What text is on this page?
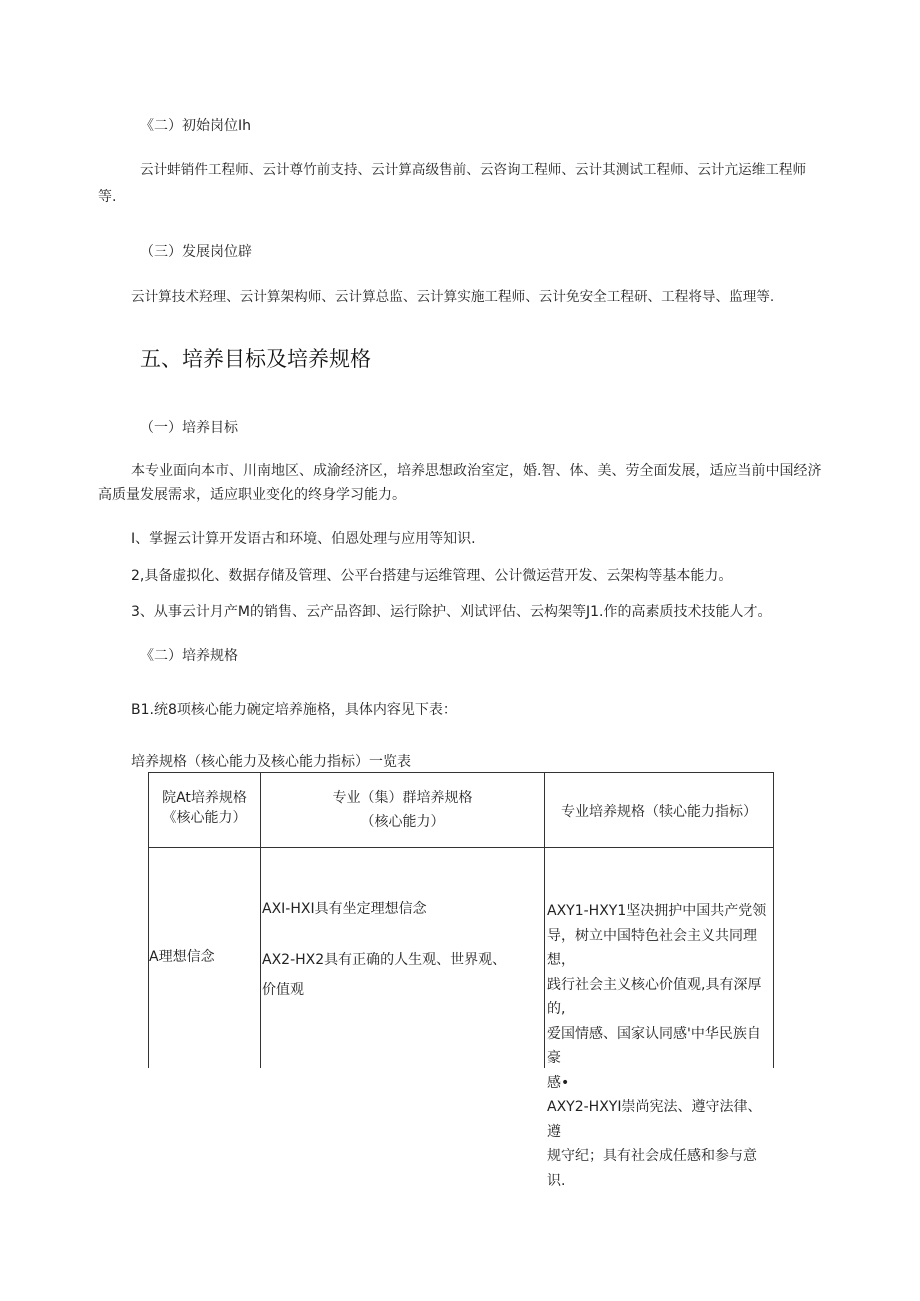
《二）初始岗位Ih
云计蚌销件工程师、云计尊竹前支持、云计算高级售前、云咨询工程师、云计其测试工程师、云计亢运维工程师
等.
（三）发展岗位辟
云计算技术羟理、云计算架构师、云计算总监、云计算实施工程师、云计免安全工程研、工程将导、监理等.
五、培养目标及培养规格
（一）培养目标
本专业面向本市、川南地区、成渝经济区，培养思想政治室定，婚.智、体、美、劳全面发展，适应当前中国经济
高质量发展需求，适应职业变化的终身学习能力。
I、掌握云计算开发语古和环境、伯恩处理与应用等知识.
2,具备虚拟化、数据存储及管理、公平台搭建与运维管理、公计微运营开发、云架构等基本能力。
3、从事云计月产M的销售、云产品咨卸、运行除护、刈试评估、云构架等J1.作的高素质技术技能人才。
《二）培养规格
B1.统8项核心能力碗定培养施格，具体内容见下表：
培养规格（核心能力及核心能力指标）一览表
院At培养规格
《核心能力）
专业（集）群培养规格
（核心能力）
专业培养规格（犊心能力指标）
A理想信念
AXI-HXI具有坐定理想信念
AX2-HX2具有正确的人生观、世界观、
价值观
AXY1-HXY1坚决拥护中国共产党领
导，树立中国特色社会主义共同理想，
践行社会主义核心价值观,具有深厚的,
爱国情感、国家认同感'中华民族自豪
感•
AXY2-HXYI崇尚宪法、遵守法律、遵
规守纪；具有社会成任感和参与意识.
